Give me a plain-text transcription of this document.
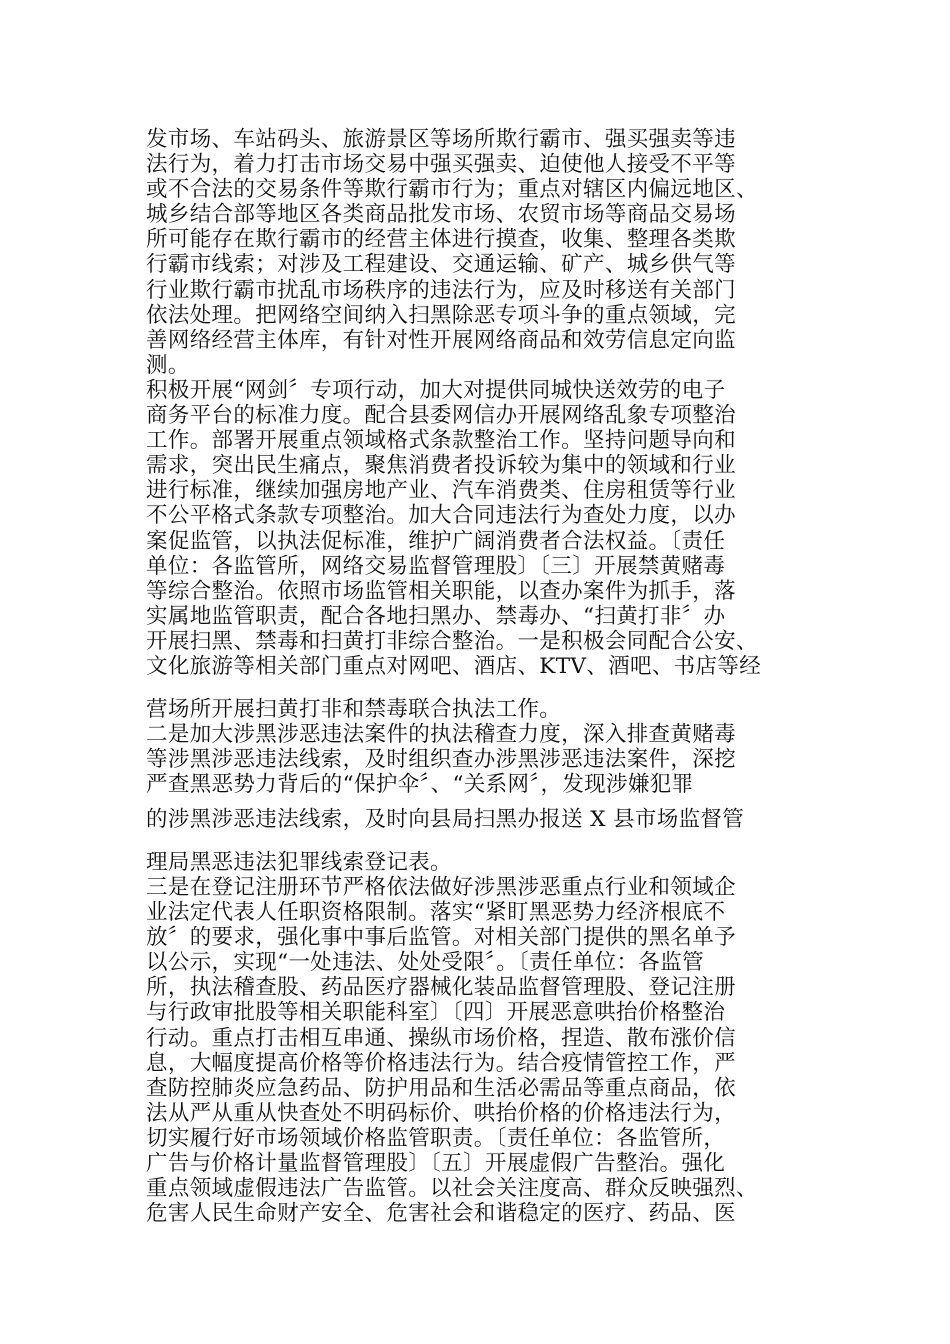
发市场、车站码头、旅游景区等场所欺行霸市、强买强卖等违
法行为，着力打击市场交易中强买强卖、迫使他人接受不平等
或不合法的交易条件等欺行霸市行为；重点对辖区内偏远地区、
城乡结合部等地区各类商品批发市场、农贸市场等商品交易场
所可能存在欺行霸市的经营主体进行摸查，收集、整理各类欺
行霸市线索；对涉及工程建设、交通运输、矿产、城乡供气等
行业欺行霸市扰乱市场秩序的违法行为，应及时移送有关部门
依法处理。把网络空间纳入扫黑除恶专项斗争的重点领域，完
善网络经营主体库，有针对性开展网络商品和效劳信息定向监
测。
积极开展“网剑〞专项行动，加大对提供同城快送效劳的电子
商务平台的标准力度。配合县委网信办开展网络乱象专项整治
工作。部署开展重点领域格式条款整治工作。坚持问题导向和
需求，突出民生痛点，聚焦消费者投诉较为集中的领域和行业
进行标准，继续加强房地产业、汽车消费类、住房租赁等行业
不公平格式条款专项整治。加大合同违法行为查处力度，以办
案促监管，以执法促标准，维护广阔消费者合法权益。〔责任
单位：各监管所，网络交易监督管理股〕〔三〕开展禁黄赌毒
等综合整治。依照市场监管相关职能，以查办案件为抓手，落
实属地监管职责，配合各地扫黑办、禁毒办、“扫黄打非〞办
开展扫黑、禁毒和扫黄打非综合整治。一是积极会同配合公安、
文化旅游等相关部门重点对网吧、酒店、KTV、酒吧、书店等经
营场所开展扫黄打非和禁毒联合执法工作。
二是加大涉黑涉恶违法案件的执法稽查力度，深入排查黄赌毒
等涉黑涉恶违法线索，及时组织查办涉黑涉恶违法案件，深挖
严查黑恶势力背后的“保护伞〞、“关系网〞，发现涉嫌犯罪
的涉黑涉恶违法线索，及时向县局扫黑办报送 X 县市场监督管
理局黑恶违法犯罪线索登记表。
三是在登记注册环节严格依法做好涉黑涉恶重点行业和领域企
业法定代表人任职资格限制。落实“紧盯黑恶势力经济根底不
放〞的要求，强化事中事后监管。对相关部门提供的黑名单予
以公示，实现“一处违法、处处受限〞。〔责任单位：各监管
所，执法稽查股、药品医疗器械化装品监督管理股、登记注册
与行政审批股等相关职能科室〕〔四〕开展恶意哄抬价格整治
行动。重点打击相互串通、操纵市场价格，捏造、散布涨价信
息，大幅度提高价格等价格违法行为。结合疫情管控工作，严
查防控肺炎应急药品、防护用品和生活必需品等重点商品，依
法从严从重从快查处不明码标价、哄抬价格的价格违法行为，
切实履行好市场领域价格监管职责。〔责任单位：各监管所，
广告与价格计量监督管理股〕〔五〕开展虚假广告整治。强化
重点领域虚假违法广告监管。以社会关注度高、群众反映强烈、
危害人民生命财产安全、危害社会和谐稳定的医疗、药品、医
